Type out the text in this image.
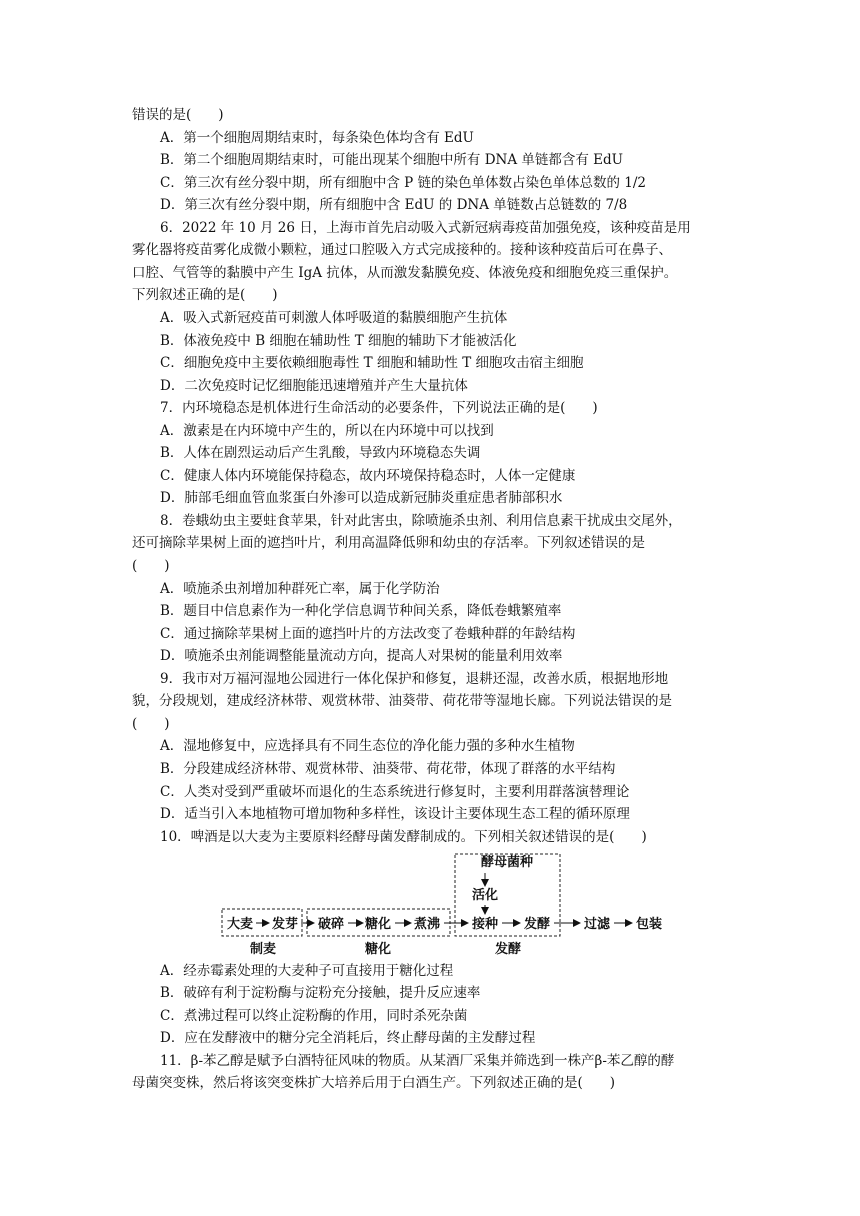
错误的是(　　)
A．第一个细胞周期结束时，每条染色体均含有 EdU
B．第二个细胞周期结束时，可能出现某个细胞中所有 DNA 单链都含有 EdU
C．第三次有丝分裂中期，所有细胞中含 P 链的染色单体数占染色单体总数的 1/2
D．第三次有丝分裂中期，所有细胞中含 EdU 的 DNA 单链数占总链数的 7/8
6．2022 年 10 月 26 日，上海市首先启动吸入式新冠病毒疫苗加强免疫，该种疫苗是用
雾化器将疫苗雾化成微小颗粒，通过口腔吸入方式完成接种的。接种该种疫苗后可在鼻子、
口腔、气管等的黏膜中产生 IgA 抗体，从而激发黏膜免疫、体液免疫和细胞免疫三重保护。
下列叙述正确的是(　　)
A．吸入式新冠疫苗可刺激人体呼吸道的黏膜细胞产生抗体
B．体液免疫中 B 细胞在辅助性 T 细胞的辅助下才能被活化
C．细胞免疫中主要依赖细胞毒性 T 细胞和辅助性 T 细胞攻击宿主细胞
D．二次免疫时记忆细胞能迅速增殖并产生大量抗体
7．内环境稳态是机体进行生命活动的必要条件，下列说法正确的是(　　)
A．激素是在内环境中产生的，所以在内环境中可以找到
B．人体在剧烈运动后产生乳酸，导致内环境稳态失调
C．健康人体内环境能保持稳态，故内环境保持稳态时，人体一定健康
D．肺部毛细血管血浆蛋白外渗可以造成新冠肺炎重症患者肺部积水
8．卷蛾幼虫主要蛀食苹果，针对此害虫，除喷施杀虫剂、利用信息素干扰成虫交尾外，
还可摘除苹果树上面的遮挡叶片，利用高温降低卵和幼虫的存活率。下列叙述错误的是
(　　)
A．喷施杀虫剂增加种群死亡率，属于化学防治
B．题目中信息素作为一种化学信息调节种间关系，降低卷蛾繁殖率
C．通过摘除苹果树上面的遮挡叶片的方法改变了卷蛾种群的年龄结构
D．喷施杀虫剂能调整能量流动方向，提高人对果树的能量利用效率
9．我市对万福河湿地公园进行一体化保护和修复，退耕还湿，改善水质，根据地形地
貌，分段规划，建成经济林带、观赏林带、油葵带、荷花带等湿地长廊。下列说法错误的是
(　　)
A．湿地修复中，应选择具有不同生态位的净化能力强的多种水生植物
B．分段建成经济林带、观赏林带、油葵带、荷花带，体现了群落的水平结构
C．人类对受到严重破坏而退化的生态系统进行修复时，主要利用群落演替理论
D．适当引入本地植物可增加物种多样性，该设计主要体现生态工程的循环原理
10．啤酒是以大麦为主要原料经酵母菌发酵制成的。下列相关叙述错误的是(　　)
酵母菌种
活化
大麦 发芽 破碎 糖化 煮沸 接种 发酵	过滤 包装
制麦	糖化	发酵
A．经赤霉素处理的大麦种子可直接用于糖化过程
B．破碎有利于淀粉酶与淀粉充分接触，提升反应速率
C．煮沸过程可以终止淀粉酶的作用，同时杀死杂菌
D．应在发酵液中的糖分完全消耗后，终止酵母菌的主发酵过程
11．β-苯乙醇是赋予白酒特征风味的物质。从某酒厂采集并筛选到一株产β-苯乙醇的酵
母菌突变株，然后将该突变株扩大培养后用于白酒生产。下列叙述正确的是(　　)
